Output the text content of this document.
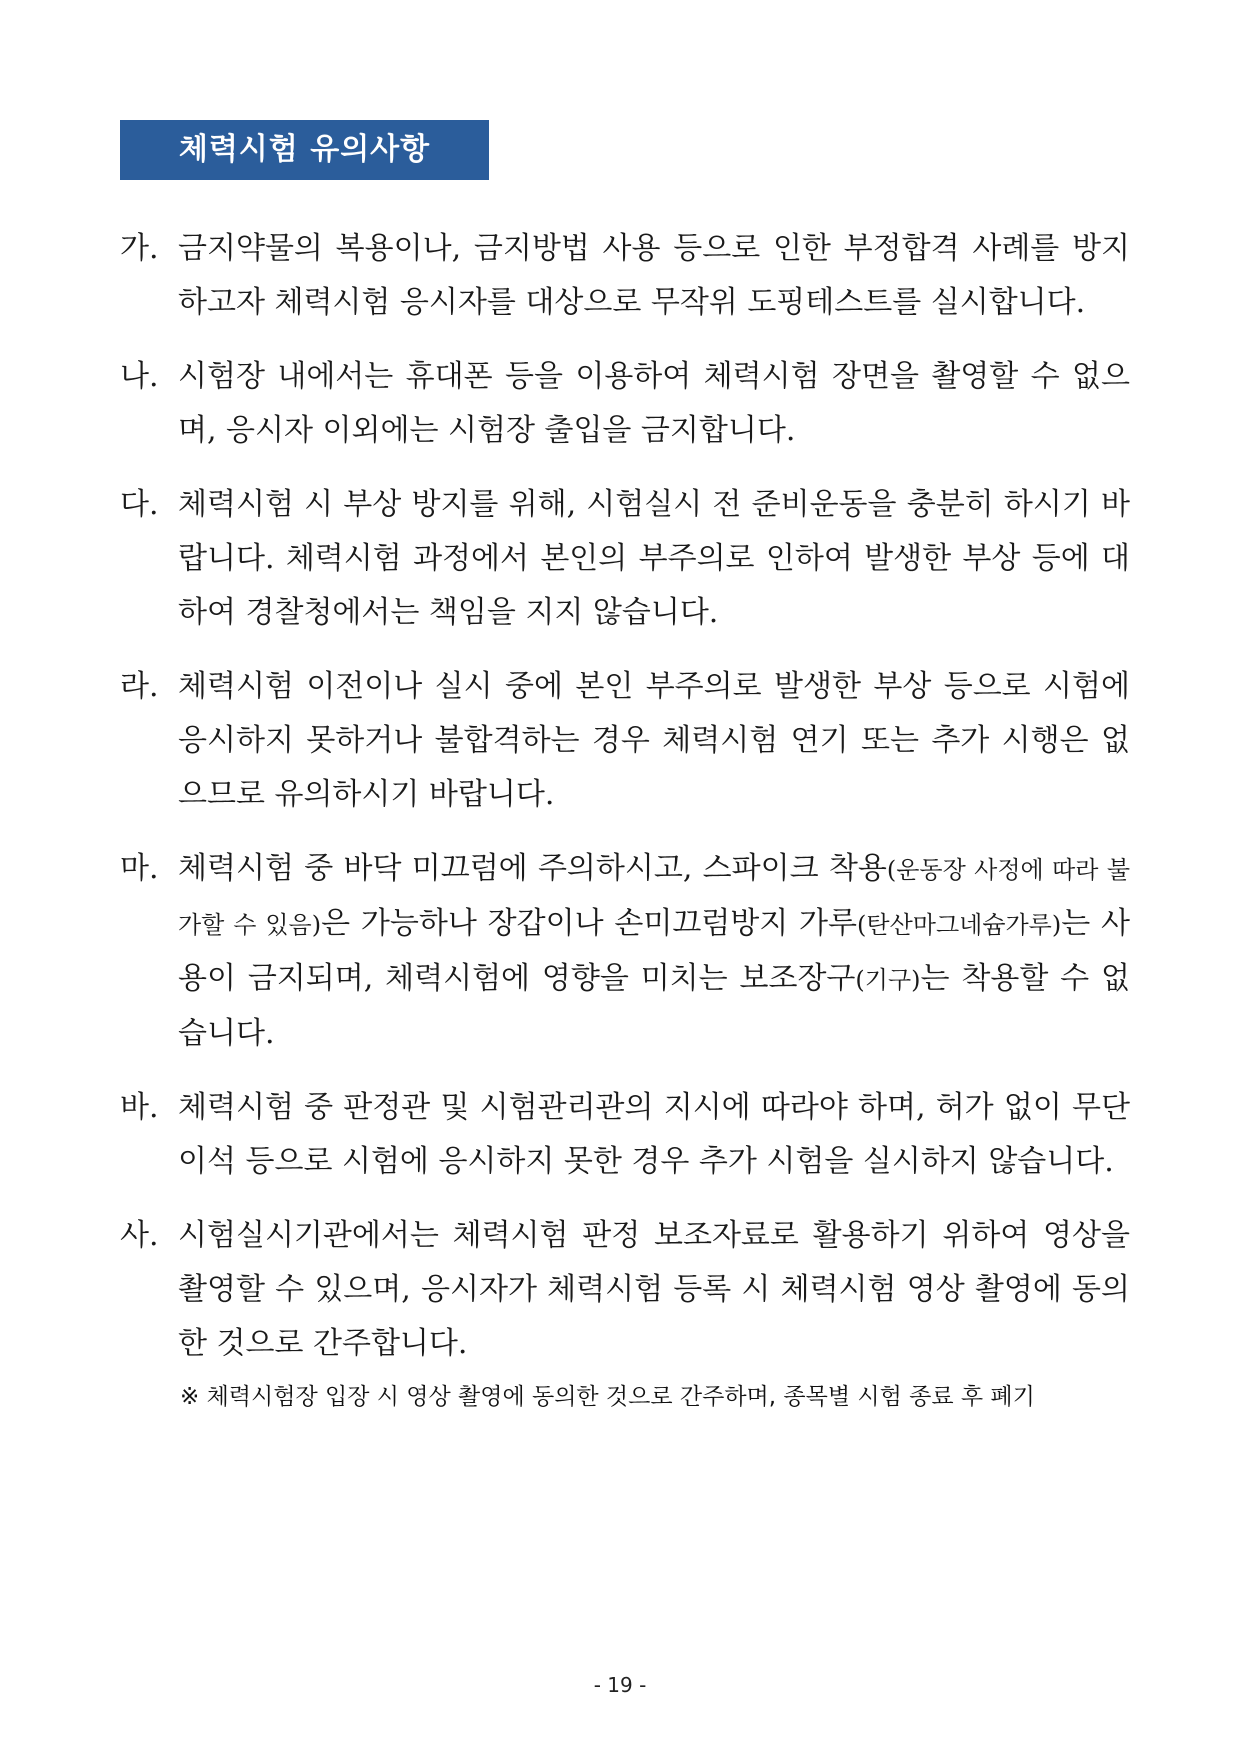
체력시험 유의사항
가. 금지약물의 복용이나, 금지방법 사용 등으로 인한 부정합격 사례를 방지하고자 체력시험 응시자를 대상으로 무작위 도핑테스트를 실시합니다.
나. 시험장 내에서는 휴대폰 등을 이용하여 체력시험 장면을 촬영할 수 없으며, 응시자 이외에는 시험장 출입을 금지합니다.
다. 체력시험 시 부상 방지를 위해, 시험실시 전 준비운동을 충분히 하시기 바랍니다. 체력시험 과정에서 본인의 부주의로 인하여 발생한 부상 등에 대하여 경찰청에서는 책임을 지지 않습니다.
라. 체력시험 이전이나 실시 중에 본인 부주의로 발생한 부상 등으로 시험에 응시하지 못하거나 불합격하는 경우 체력시험 연기 또는 추가 시행은 없으므로 유의하시기 바랍니다.
마. 체력시험 중 바닥 미끄럼에 주의하시고, 스파이크 착용(운동장 사정에 따라 불가할 수 있음)은 가능하나 장갑이나 손미끄럼방지 가루(탄산마그네슘가루)는 사용이 금지되며, 체력시험에 영향을 미치는 보조장구(기구)는 착용할 수 없습니다.
바. 체력시험 중 판정관 및 시험관리관의 지시에 따라야 하며, 허가 없이 무단이석 등으로 시험에 응시하지 못한 경우 추가 시험을 실시하지 않습니다.
사. 시험실시기관에서는 체력시험 판정 보조자료로 활용하기 위하여 영상을 촬영할 수 있으며, 응시자가 체력시험 등록 시 체력시험 영상 촬영에 동의한 것으로 간주합니다.
※ 체력시험장 입장 시 영상 촬영에 동의한 것으로 간주하며, 종목별 시험 종료 후 폐기
- 19 -
